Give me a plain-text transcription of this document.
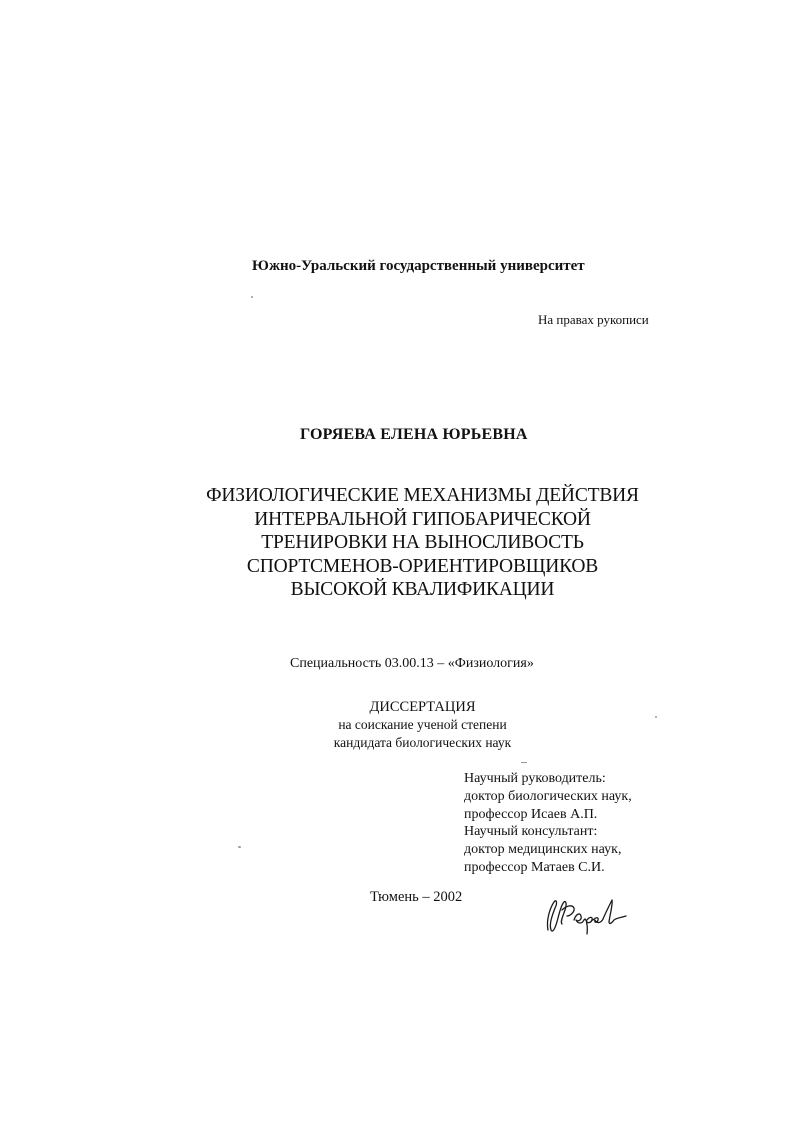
Южно-Уральский государственный университет
На правах рукописи
ГОРЯЕВА ЕЛЕНА ЮРЬЕВНА
ФИЗИОЛОГИЧЕСКИЕ МЕХАНИЗМЫ ДЕЙСТВИЯ
ИНТЕРВАЛЬНОЙ ГИПОБАРИЧЕСКОЙ
ТРЕНИРОВКИ НА ВЫНОСЛИВОСТЬ
СПОРТСМЕНОВ-ОРИЕНТИРОВЩИКОВ
ВЫСОКОЙ КВАЛИФИКАЦИИ
Специальность 03.00.13 – «Физиология»
ДИССЕРТАЦИЯ
на соискание ученой степени
кандидата биологических наук
Научный руководитель:
доктор биологических наук,
профессор Исаев А.П.
Научный консультант:
доктор медицинских наук,
профессор Матаев С.И.
Тюмень – 2002
